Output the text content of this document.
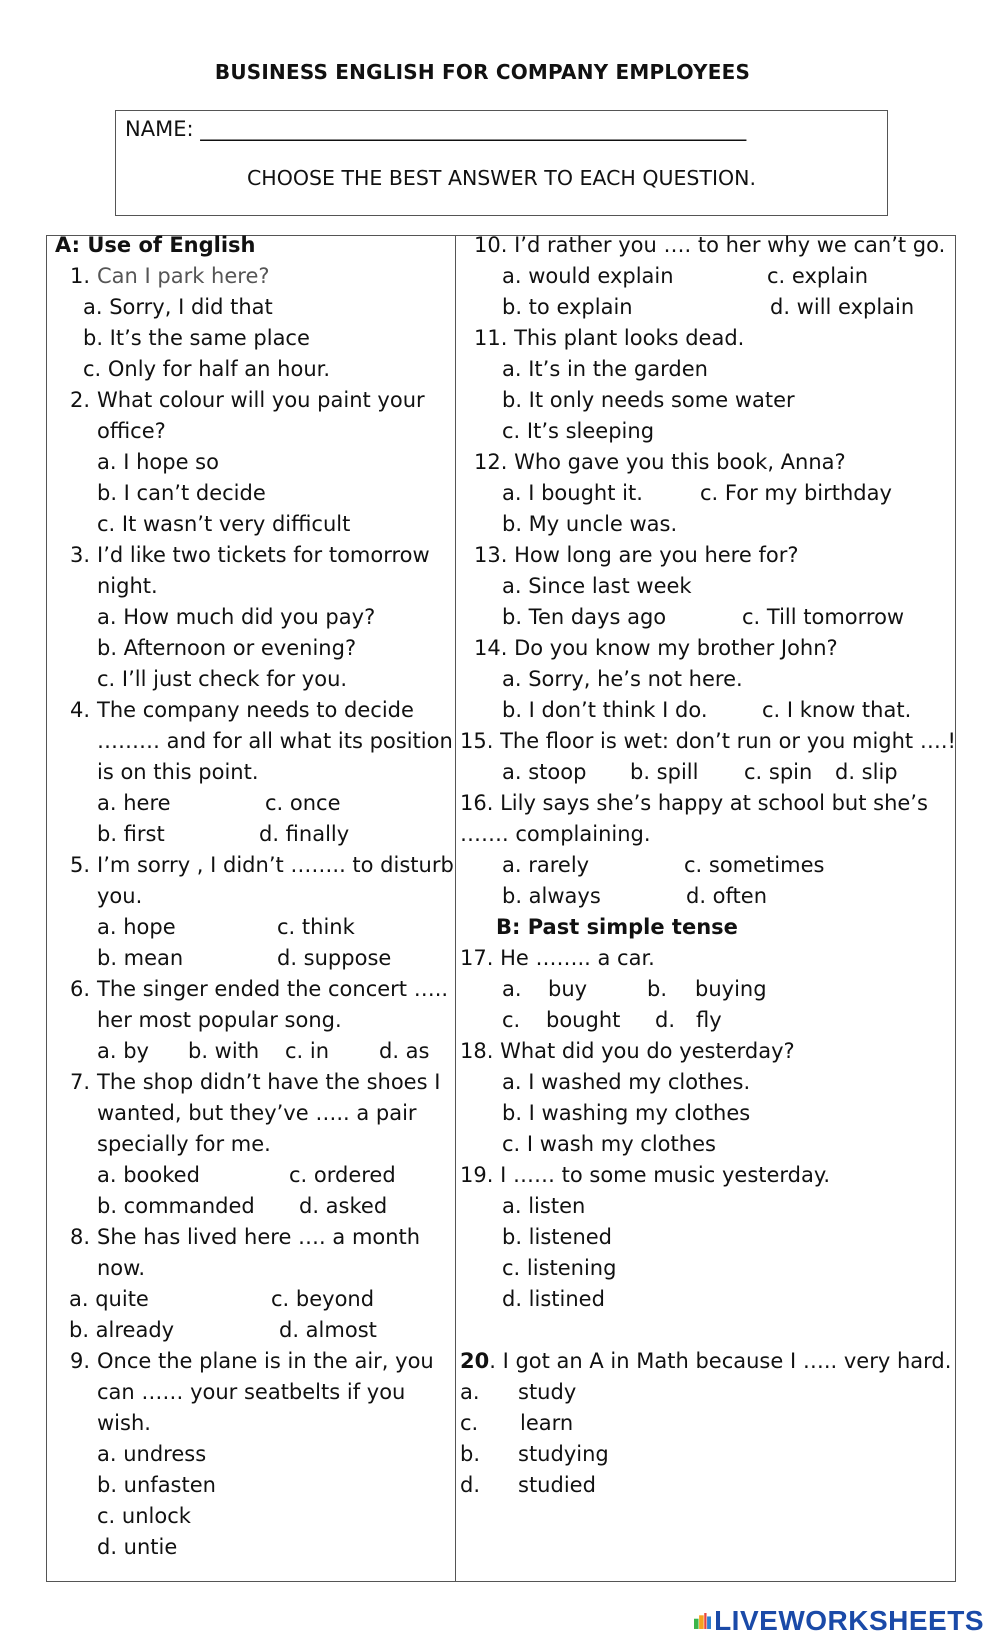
BUSINESS ENGLISH FOR COMPANY EMPLOYEES
NAME: ____________________________________________________
CHOOSE THE BEST ANSWER TO EACH QUESTION.
A: Use of English
1. Can I park here?
a. Sorry, I did that
b. It’s the same place
c. Only for half an hour.
2. What colour will you paint your
office?
a. I hope so
b. I can’t decide
c. It wasn’t very difficult
3. I’d like two tickets for tomorrow
night.
a. How much did you pay?
b. Afternoon or evening?
c. I’ll just check for you.
4. The company needs to decide
……… and for all what its position
is on this point.
a. here	c. once
b. first	d. finally
5. I’m sorry , I didn’t …….. to disturb
you.
a. hope	c. think
b. mean	d. suppose
6. The singer ended the concert …..
her most popular song.
a. by b. with c. in d. as
7. The shop didn’t have the shoes I
wanted, but they’ve ….. a pair
specially for me.
a. booked	c. ordered
b. commanded d. asked
8. She has lived here …. a month
now.
a. quite	c. beyond
b. already	d. almost
9. Once the plane is in the air, you
can …… your seatbelts if you
wish.
a. undress
b. unfasten
c. unlock
d. untie
10. I’d rather you …. to her why we can’t go.
a. would explain	c. explain
b. to explain	d. will explain
11. This plant looks dead.
a. It’s in the garden
b. It only needs some water
c. It’s sleeping
12. Who gave you this book, Anna?
a. I bought it.	c. For my birthday
b. My uncle was.
13. How long are you here for?
a. Since last week
b. Ten days ago	c. Till tomorrow
14. Do you know my brother John?
a. Sorry, he’s not here.
b. I don’t think I do.	c. I know that.
15. The floor is wet: don’t run or you might ….!
a. stoop b. spill c. spin d. slip
16. Lily says she’s happy at school but she’s
……. complaining.
a. rarely	c. sometimes
b. always	d. often
B: Past simple tense
17. He …….. a car.
a. buy	b. buying
c. bought d. fly
18. What did you do yesterday?
a. I washed my clothes.
b. I washing my clothes
c. I wash my clothes
19. I …… to some music yesterday.
a. listen
b. listened
c. listening
d. listined
20. I got an A in Math because I ….. very hard.
a. study
c. learn
b. studying
d. studied
LIVEWORKSHEETS
